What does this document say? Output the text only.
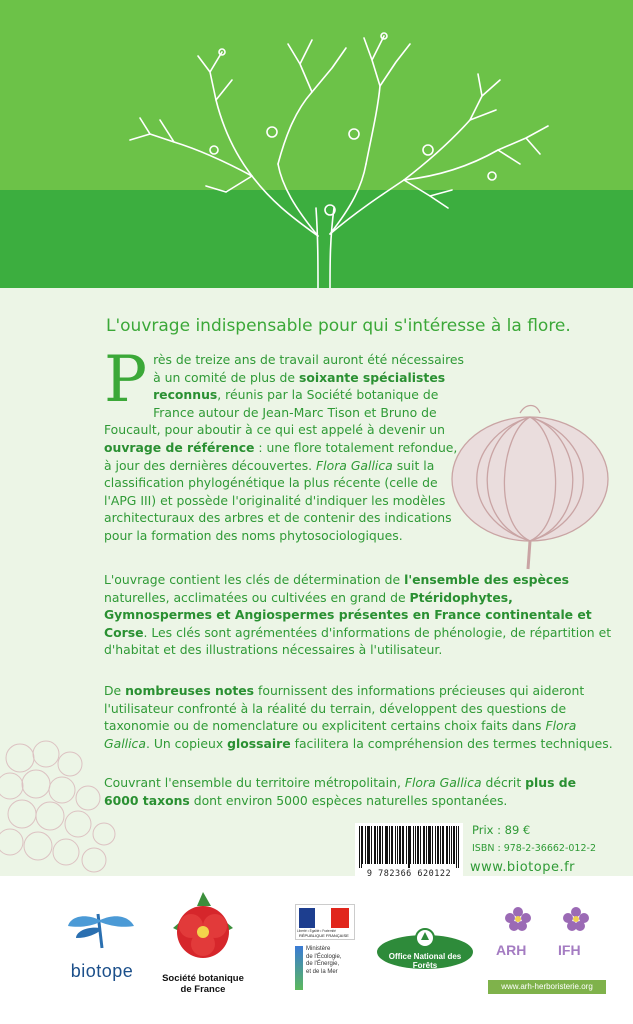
L'ouvrage indispensable pour qui s'intéresse à la flore.
Près de treize ans de travail auront été nécessaires à un comité de plus de soixante spécialistes reconnus, réunis par la Société botanique de France autour de Jean-Marc Tison et Bruno de Foucault, pour aboutir à ce qui est appelé à devenir un ouvrage de référence : une flore totalement refondue, à jour des dernières découvertes. Flora Gallica suit la classification phylogénétique la plus récente (celle de l'APG III) et possède l'originalité d'indiquer les modèles architecturaux des arbres et de contenir des indications pour la formation des noms phytosociologiques.
L'ouvrage contient les clés de détermination de l'ensemble des espèces naturelles, acclimatées ou cultivées en grand de Ptéridophytes, Gymnospermes et Angiospermes présentes en France continentale et Corse. Les clés sont agrémentées d'informations de phénologie, de répartition et d'habitat et des illustrations nécessaires à l'utilisateur.
De nombreuses notes fournissent des informations précieuses qui aideront l'utilisateur confronté à la réalité du terrain, développent des questions de taxonomie ou de nomenclature ou explicitent certains choix faits dans Flora Gallica. Un copieux glossaire facilitera la compréhension des termes techniques.
Couvrant l'ensemble du territoire métropolitain, Flora Gallica décrit plus de 6000 taxons dont environ 5000 espèces naturelles spontanées.
9 782366 620122
Prix : 89 €
ISBN : 978-2-36662-012-2
www.biotope.fr
biotope	Société botanique
de France
Liberté • Égalité • Fraternité
RÉPUBLIQUE FRANÇAISE
Ministère
de l'Écologie,
de l'Énergie,
et de la Mer
Office National des Forêts
ARH IFH
www.arh-herboristerie.org
